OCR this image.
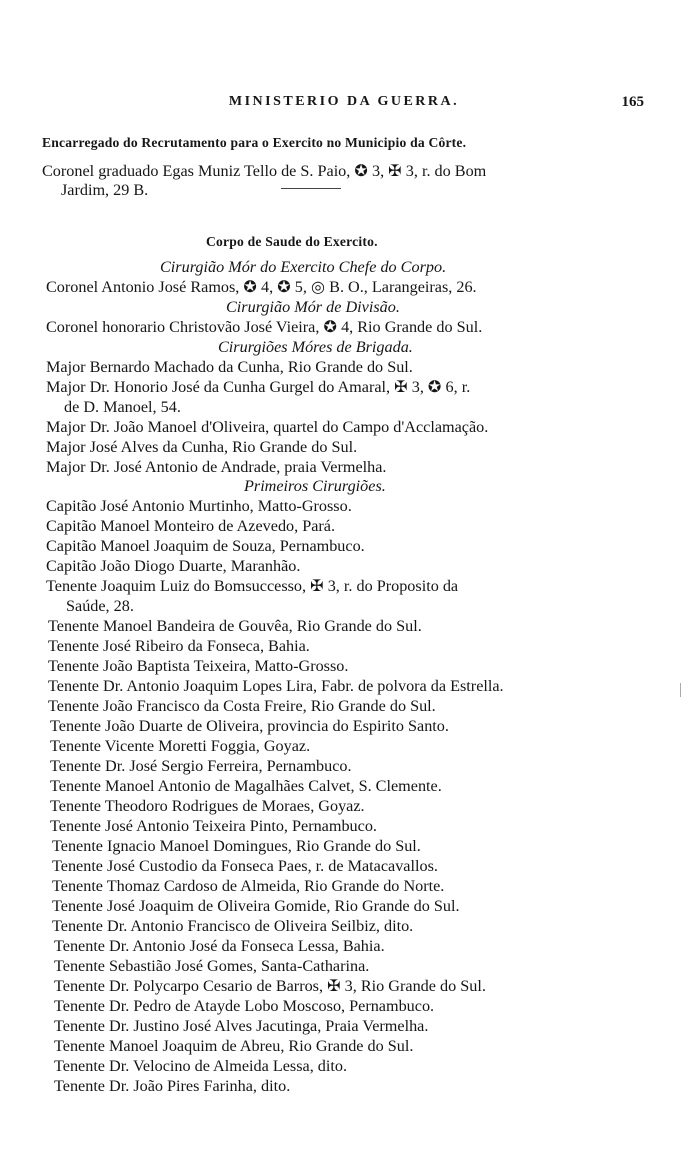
MINISTERIO DA GUERRA.	165
Encarregado do Recrutamento para o Exercito no Municipio da Côrte.
Coronel graduado Egas Muniz Tello de S. Paio, ✪ 3, ✠ 3, r. do Bom
Jardim, 29 B.
Corpo de Saude do Exercito.
Cirurgião Mór do Exercito Chefe do Corpo.
Coronel Antonio José Ramos, ✪ 4, ✪ 5, ◎ B. O., Larangeiras, 26.
Cirurgião Mór de Divisão.
Coronel honorario Christovão José Vieira, ✪ 4, Rio Grande do Sul.
Cirurgiões Móres de Brigada.
Major Bernardo Machado da Cunha, Rio Grande do Sul.
Major Dr. Honorio José da Cunha Gurgel do Amaral, ✠ 3, ✪ 6, r.
de D. Manoel, 54.
Major Dr. João Manoel d'Oliveira, quartel do Campo d'Acclamação.
Major José Alves da Cunha, Rio Grande do Sul.
Major Dr. José Antonio de Andrade, praia Vermelha.
Primeiros Cirurgiões.
Capitão José Antonio Murtinho, Matto-Grosso.
Capitão Manoel Monteiro de Azevedo, Pará.
Capitão Manoel Joaquim de Souza, Pernambuco.
Capitão João Diogo Duarte, Maranhão.
Tenente Joaquim Luiz do Bomsuccesso, ✠ 3, r. do Proposito da
Saúde, 28.
Tenente Manoel Bandeira de Gouvêa, Rio Grande do Sul.
Tenente José Ribeiro da Fonseca, Bahia.
Tenente João Baptista Teixeira, Matto-Grosso.
Tenente Dr. Antonio Joaquim Lopes Lira, Fabr. de polvora da Estrella.
Tenente João Francisco da Costa Freire, Rio Grande do Sul.
Tenente João Duarte de Oliveira, provincia do Espirito Santo.
Tenente Vicente Moretti Foggia, Goyaz.
Tenente Dr. José Sergio Ferreira, Pernambuco.
Tenente Manoel Antonio de Magalhães Calvet, S. Clemente.
Tenente Theodoro Rodrigues de Moraes, Goyaz.
Tenente José Antonio Teixeira Pinto, Pernambuco.
Tenente Ignacio Manoel Domingues, Rio Grande do Sul.
Tenente José Custodio da Fonseca Paes, r. de Matacavallos.
Tenente Thomaz Cardoso de Almeida, Rio Grande do Norte.
Tenente José Joaquim de Oliveira Gomide, Rio Grande do Sul.
Tenente Dr. Antonio Francisco de Oliveira Seilbiz, dito.
Tenente Dr. Antonio José da Fonseca Lessa, Bahia.
Tenente Sebastião José Gomes, Santa-Catharina.
Tenente Dr. Polycarpo Cesario de Barros, ✠ 3, Rio Grande do Sul.
Tenente Dr. Pedro de Atayde Lobo Moscoso, Pernambuco.
Tenente Dr. Justino José Alves Jacutinga, Praia Vermelha.
Tenente Manoel Joaquim de Abreu, Rio Grande do Sul.
Tenente Dr. Velocino de Almeida Lessa, dito.
Tenente Dr. João Pires Farinha, dito.
